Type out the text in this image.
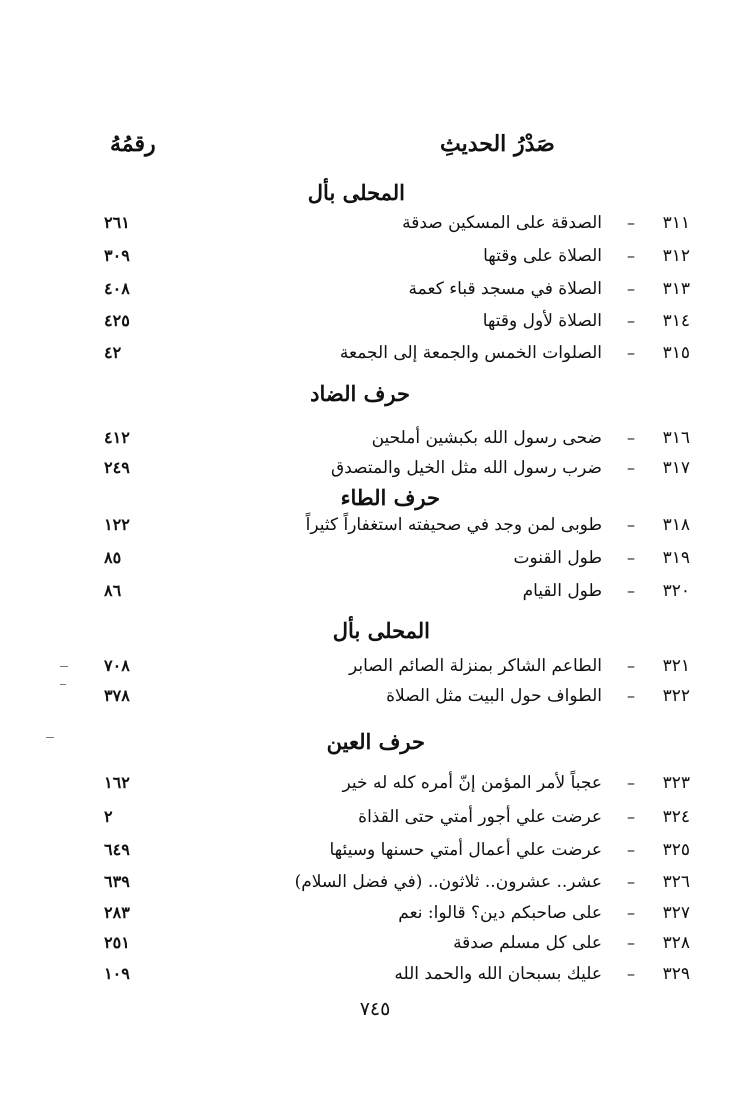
صَدْرُ الحديثِ
رقمُهُ
المحلى بأل
٣١١
–
الصدقة على المسكين صدقة
٢٦١
٣١٢
–
الصلاة على وقتها
٣٠٩
٣١٣
–
الصلاة في مسجد قباء كعمة
٤٠٨
٣١٤
–
الصلاة لأول وقتها
٤٢٥
٣١٥
–
الصلوات الخمس والجمعة إلى الجمعة
٤٢
حرف الضاد
٣١٦
–
ضحى رسول الله بكبشين أملحين
٤١٢
٣١٧
–
ضرب رسول الله مثل الخيل والمتصدق
٢٤٩
حرف الطاء
٣١٨
–
طوبى لمن وجد في صحيفته استغفاراً كثيراً
١٢٢
٣١٩
–
طول القنوت
٨٥
٣٢٠
–
طول القيام
٨٦
المحلى بأل
٣٢١
–
الطاعم الشاكر بمنزلة الصائم الصابر
٧٠٨
٣٢٢
–
الطواف حول البيت مثل الصلاة
٣٧٨
حرف العين
٣٢٣
–
عجباً لأمر المؤمن إنّ أمره كله له خير
١٦٢
٣٢٤
–
عرضت علي أجور أمتي حتى القذاة
٢
٣٢٥
–
عرضت علي أعمال أمتي حسنها وسيئها
٦٤٩
٣٢٦
–
عشر.. عشرون.. ثلاثون.. (في فضل السلام)
٦٣٩
٣٢٧
–
على صاحبكم دين؟ قالوا: نعم
٢٨٣
٣٢٨
–
على كل مسلم صدقة
٢٥١
٣٢٩
–
عليك بسبحان الله والحمد الله
١٠٩
٧٤٥
